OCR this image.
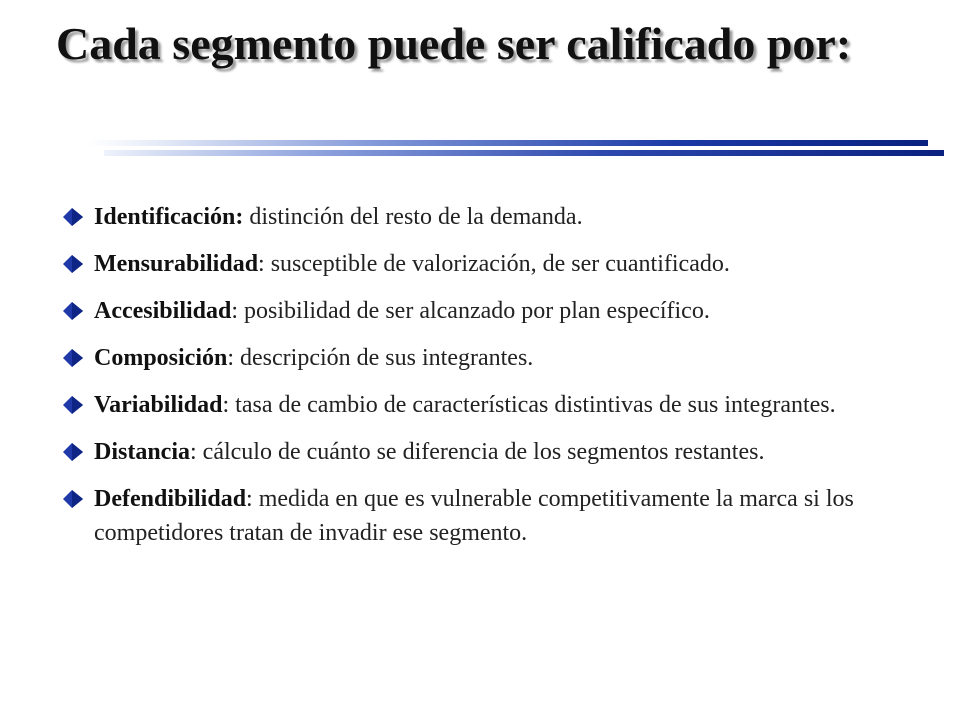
Cada segmento puede ser calificado por:
Identificación: distinción del resto de la demanda.
Mensurabilidad: susceptible de valorización, de ser cuantificado.
Accesibilidad: posibilidad de ser alcanzado por plan específico.
Composición: descripción de sus integrantes.
Variabilidad: tasa de cambio de características distintivas de sus integrantes.
Distancia: cálculo de cuánto se diferencia de los segmentos restantes.
Defendibilidad: medida en que es vulnerable competitivamente la marca si los competidores tratan de invadir ese segmento.
